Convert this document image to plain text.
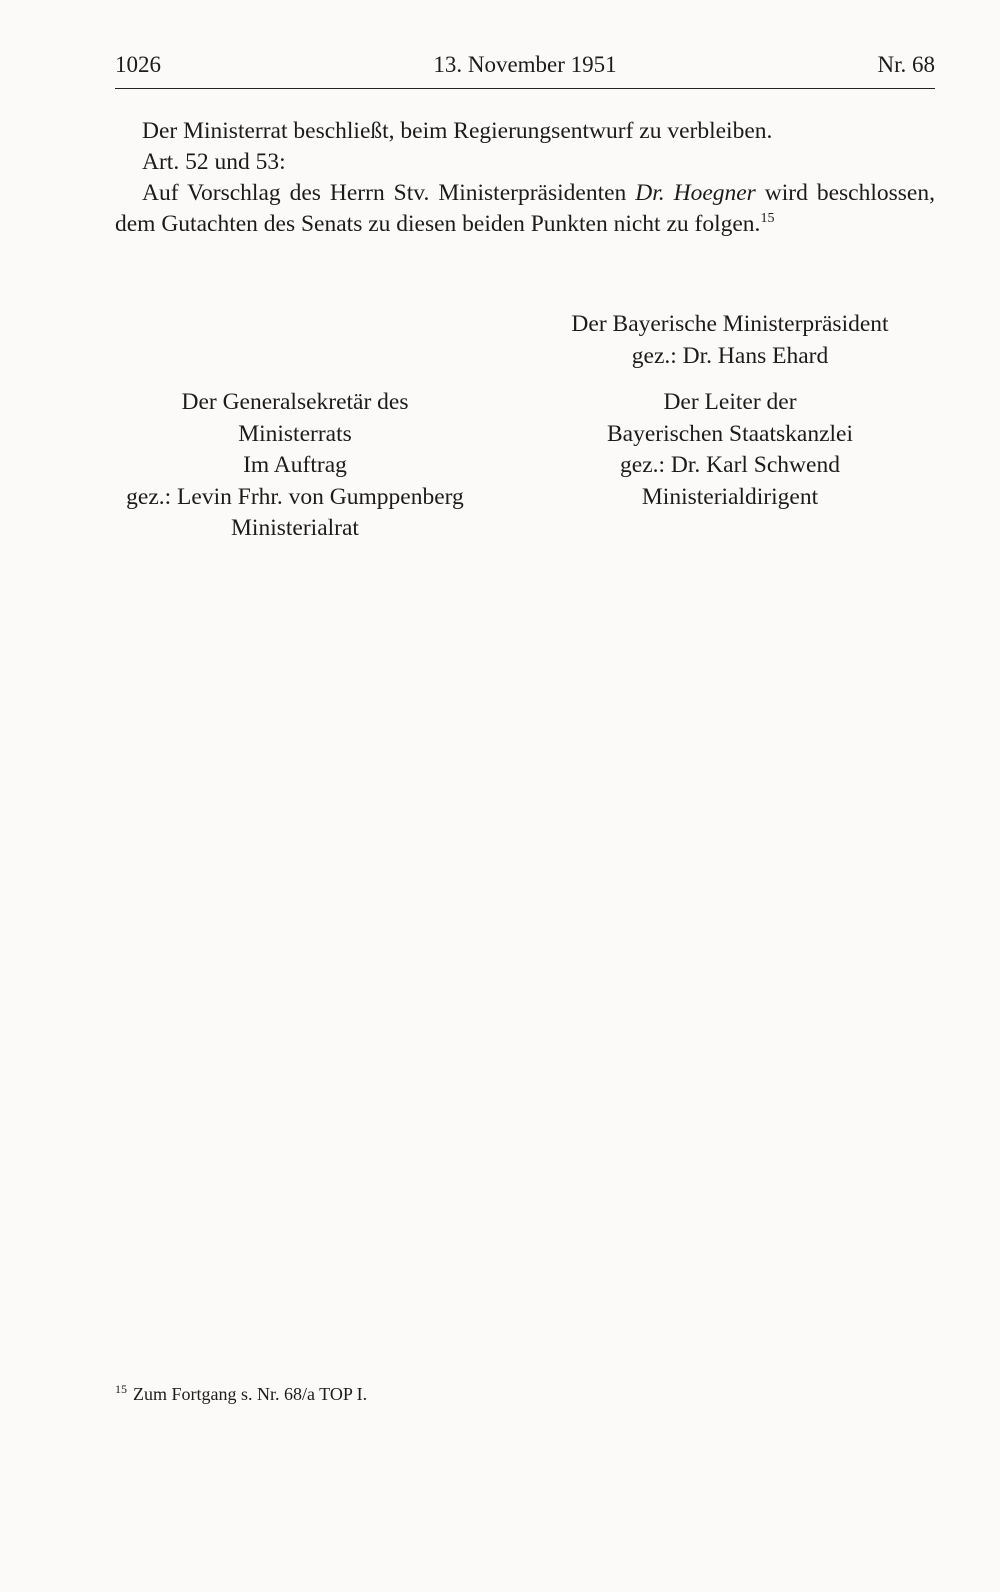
1026	13. November 1951	Nr. 68
Der Ministerrat beschließt, beim Regierungsentwurf zu verbleiben.
Art. 52 und 53:
Auf Vorschlag des Herrn Stv. Ministerpräsidenten Dr. Hoegner wird beschlossen, dem Gutachten des Senats zu diesen beiden Punkten nicht zu folgen.$^{15}$
Der Bayerische Ministerpräsident
gez.: Dr. Hans Ehard
Der Generalsekretär des
Ministerrats
Im Auftrag
gez.: Levin Frhr. von Gumppenberg
Ministerialrat
Der Leiter der
Bayerischen Staatskanzlei
gez.: Dr. Karl Schwend
Ministerialdirigent
$^{15}$ Zum Fortgang s. Nr. 68/a TOP I.
